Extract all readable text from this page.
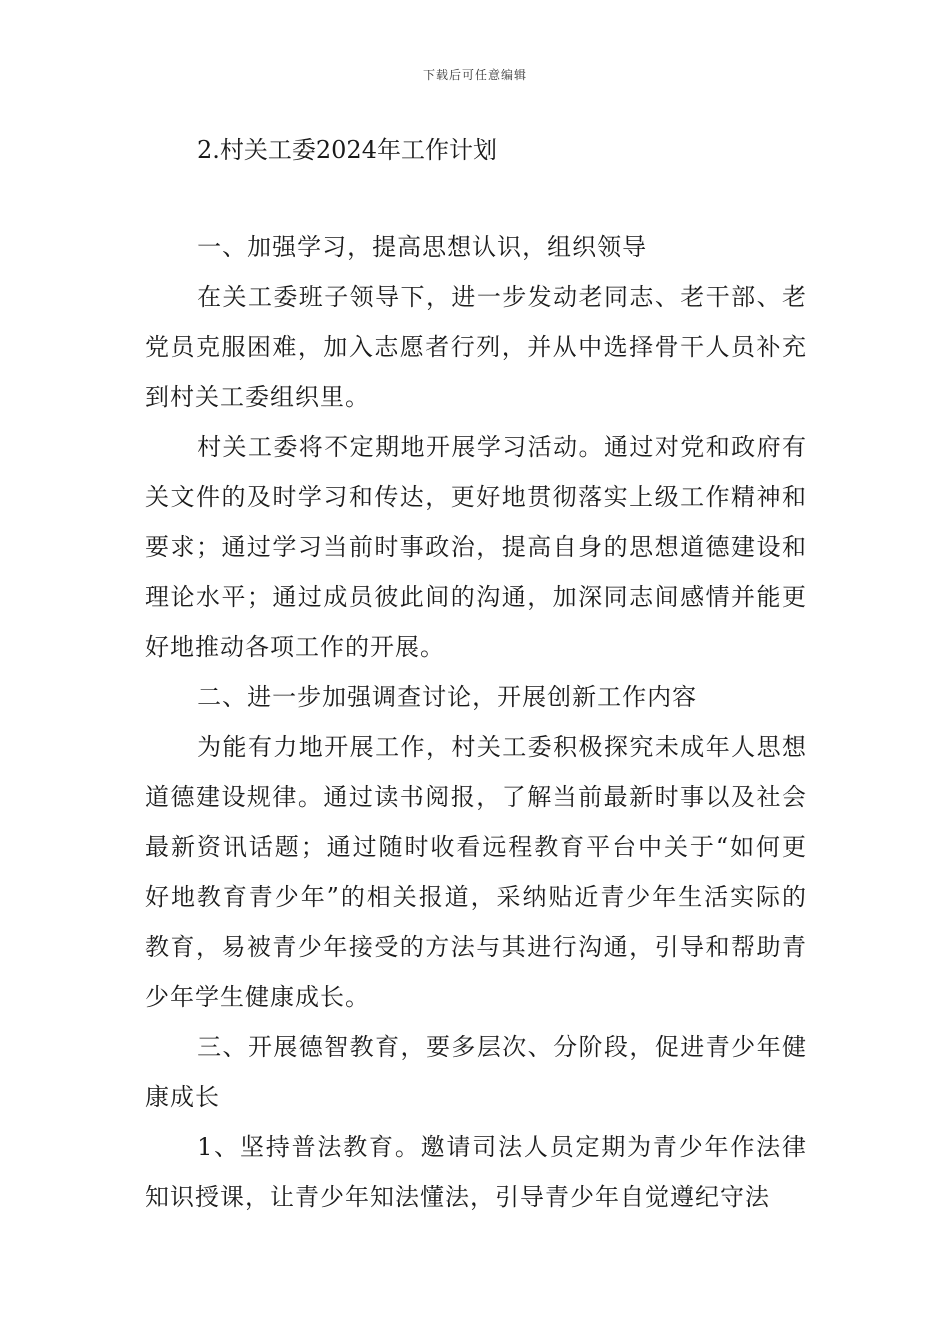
下载后可任意编辑
2.村关工委2024年工作计划

一、加强学习，提高思想认识，组织领导

在关工委班子领导下，进一步发动老同志、老干部、老党员克服困难，加入志愿者行列，并从中选择骨干人员补充到村关工委组织里。

村关工委将不定期地开展学习活动。通过对党和政府有关文件的及时学习和传达，更好地贯彻落实上级工作精神和要求；通过学习当前时事政治，提高自身的思想道德建设和理论水平；通过成员彼此间的沟通，加深同志间感情并能更好地推动各项工作的开展。

二、进一步加强调查讨论，开展创新工作内容

为能有力地开展工作，村关工委积极探究未成年人思想道德建设规律。通过读书阅报，了解当前最新时事以及社会最新资讯话题；通过随时收看远程教育平台中关于“如何更好地教育青少年”的相关报道，采纳贴近青少年生活实际的教育，易被青少年接受的方法与其进行沟通，引导和帮助青少年学生健康成长。

三、开展德智教育，要多层次、分阶段，促进青少年健康成长

1、坚持普法教育。邀请司法人员定期为青少年作法律知识授课，让青少年知法懂法，引导青少年自觉遵纪守法
